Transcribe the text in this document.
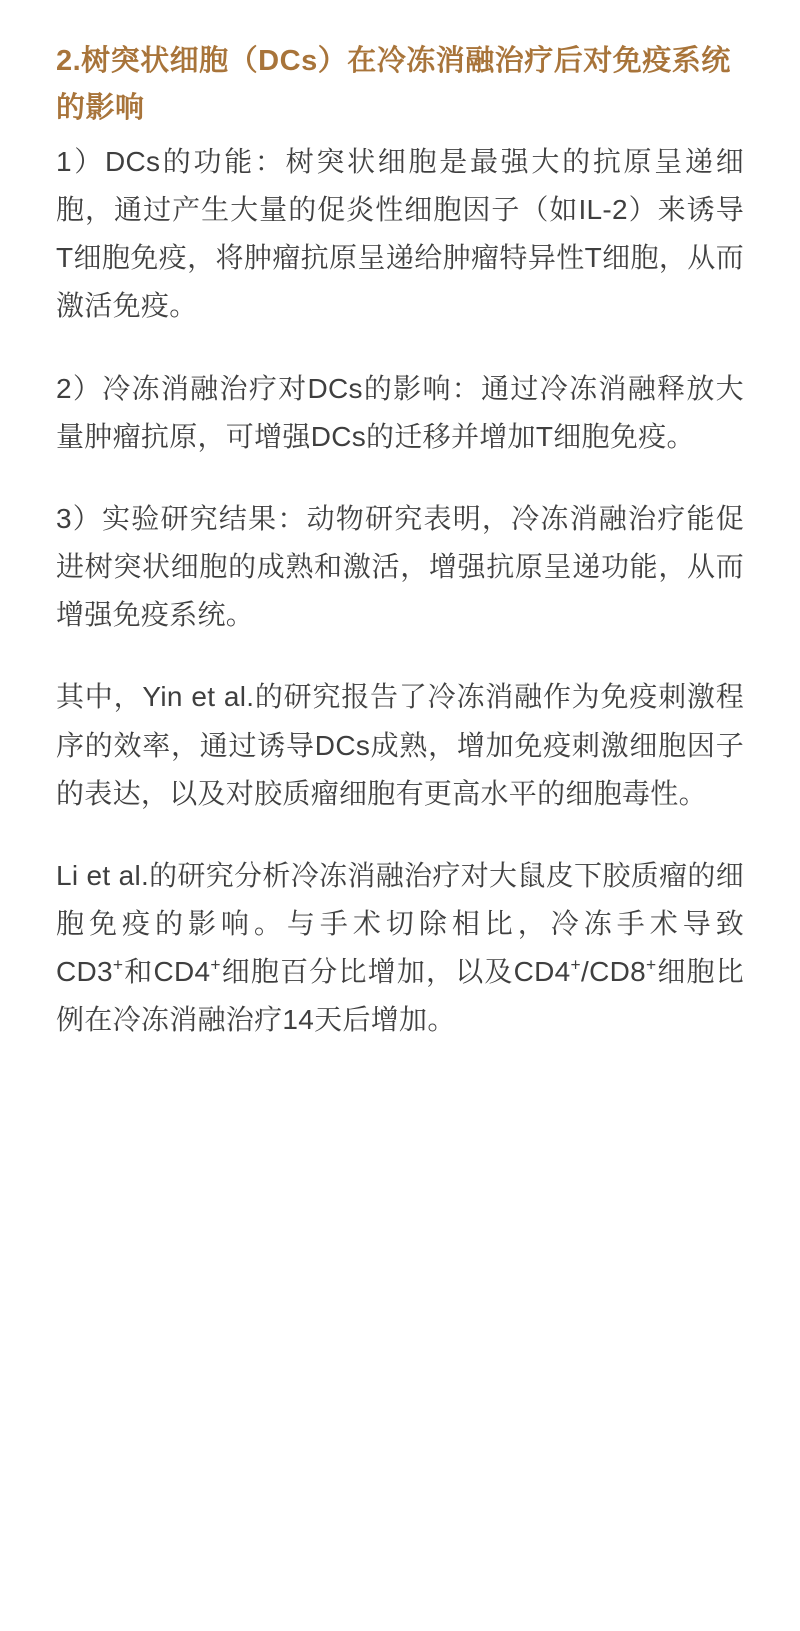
2.树突状细胞（DCs）在冷冻消融治疗后对免疫系统的影响

1）DCs的功能：树突状细胞是最强大的抗原呈递细胞，通过产生大量的促炎性细胞因子（如IL-2）来诱导T细胞免疫，将肿瘤抗原呈递给肿瘤特异性T细胞，从而激活免疫。

2）冷冻消融治疗对DCs的影响：通过冷冻消融释放大量肿瘤抗原，可增强DCs的迁移并增加T细胞免疫。

3）实验研究结果：动物研究表明，冷冻消融治疗能促进树突状细胞的成熟和激活，增强抗原呈递功能，从而增强免疫系统。

其中，Yin et al.的研究报告了冷冻消融作为免疫刺激程序的效率，通过诱导DCs成熟，增加免疫刺激细胞因子的表达，以及对胶质瘤细胞有更高水平的细胞毒性。

Li et al.的研究分析冷冻消融治疗对大鼠皮下胶质瘤的细胞免疫的影响。与手术切除相比，冷冻手术导致CD3+和CD4+细胞百分比增加，以及CD4+/CD8+细胞比例在冷冻消融治疗14天后增加。
